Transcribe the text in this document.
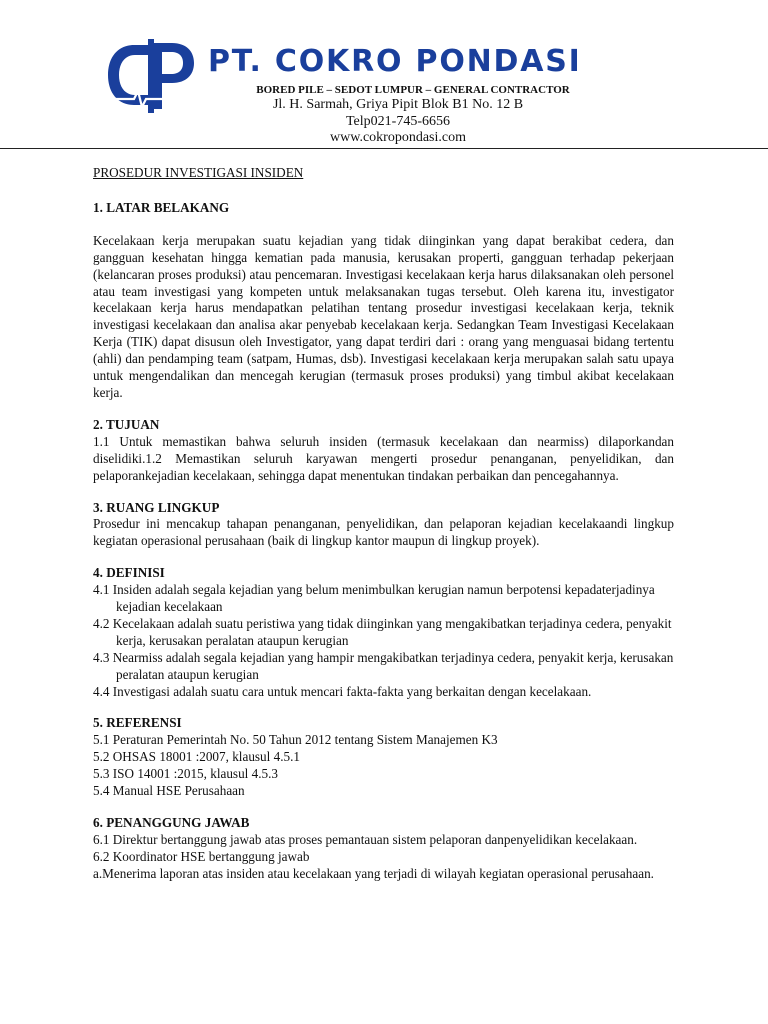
PT. COKRO PONDASI
BORED PILE – SEDOT LUMPUR – GENERAL CONTRACTOR
Jl. H. Sarmah, Griya Pipit Blok B1 No. 12 B
Telp021-745-6656
www.cokropondasi.com

PROSEDUR INVESTIGASI INSIDEN

1. LATAR BELAKANG

Kecelakaan kerja merupakan suatu kejadian yang tidak diinginkan yang dapat berakibat cedera, dan gangguan kesehatan hingga kematian pada manusia, kerusakan properti, gangguan terhadap pekerjaan (kelancaran proses produksi) atau pencemaran. Investigasi kecelakaan kerja harus dilaksanakan oleh personel atau team investigasi yang kompeten untuk melaksanakan tugas tersebut. Oleh karena itu, investigator kecelakaan kerja harus mendapatkan pelatihan tentang prosedur investigasi kecelakaan kerja, teknik investigasi kecelakaan dan analisa akar penyebab kecelakaan kerja. Sedangkan Team Investigasi Kecelakaan Kerja (TIK) dapat disusun oleh Investigator, yang dapat terdiri dari : orang yang menguasai bidang tertentu (ahli) dan pendamping team (satpam, Humas, dsb). Investigasi kecelakaan kerja merupakan salah satu upaya untuk mengendalikan dan mencegah kerugian (termasuk proses produksi) yang timbul akibat kecelakaan kerja.

2. TUJUAN

1.1 Untuk memastikan bahwa seluruh insiden (termasuk kecelakaan dan nearmiss) dilaporkandan diselidiki.1.2 Memastikan seluruh karyawan mengerti prosedur penanganan, penyelidikan, dan pelaporankejadian kecelakaan, sehingga dapat menentukan tindakan perbaikan dan pencegahannya.

3. RUANG LINGKUP

Prosedur ini mencakup tahapan penanganan, penyelidikan, dan pelaporan kejadian kecelakaandi lingkup kegiatan operasional perusahaan (baik di lingkup kantor maupun di lingkup proyek).

4. DEFINISI

4.1 Insiden adalah segala kejadian yang belum menimbulkan kerugian namun berpotensi kepadaterjadinya kejadian kecelakaan

4.2 Kecelakaan adalah suatu peristiwa yang tidak diinginkan yang mengakibatkan terjadinya cedera, penyakit kerja, kerusakan peralatan ataupun kerugian

4.3 Nearmiss adalah segala kejadian yang hampir mengakibatkan terjadinya cedera, penyakit kerja, kerusakan peralatan ataupun kerugian

4.4 Investigasi adalah suatu cara untuk mencari fakta-fakta yang berkaitan dengan kecelakaan.

5. REFERENSI

5.1 Peraturan Pemerintah No. 50 Tahun 2012 tentang Sistem Manajemen K3

5.2 OHSAS 18001 :2007, klausul 4.5.1

5.3 ISO 14001 :2015, klausul 4.5.3

5.4 Manual HSE Perusahaan

6. PENANGGUNG JAWAB

6.1 Direktur bertanggung jawab atas proses pemantauan sistem pelaporan danpenyelidikan kecelakaan.

6.2 Koordinator HSE bertanggung jawab

a.Menerima laporan atas insiden atau kecelakaan yang terjadi di wilayah kegiatan operasional perusahaan.
